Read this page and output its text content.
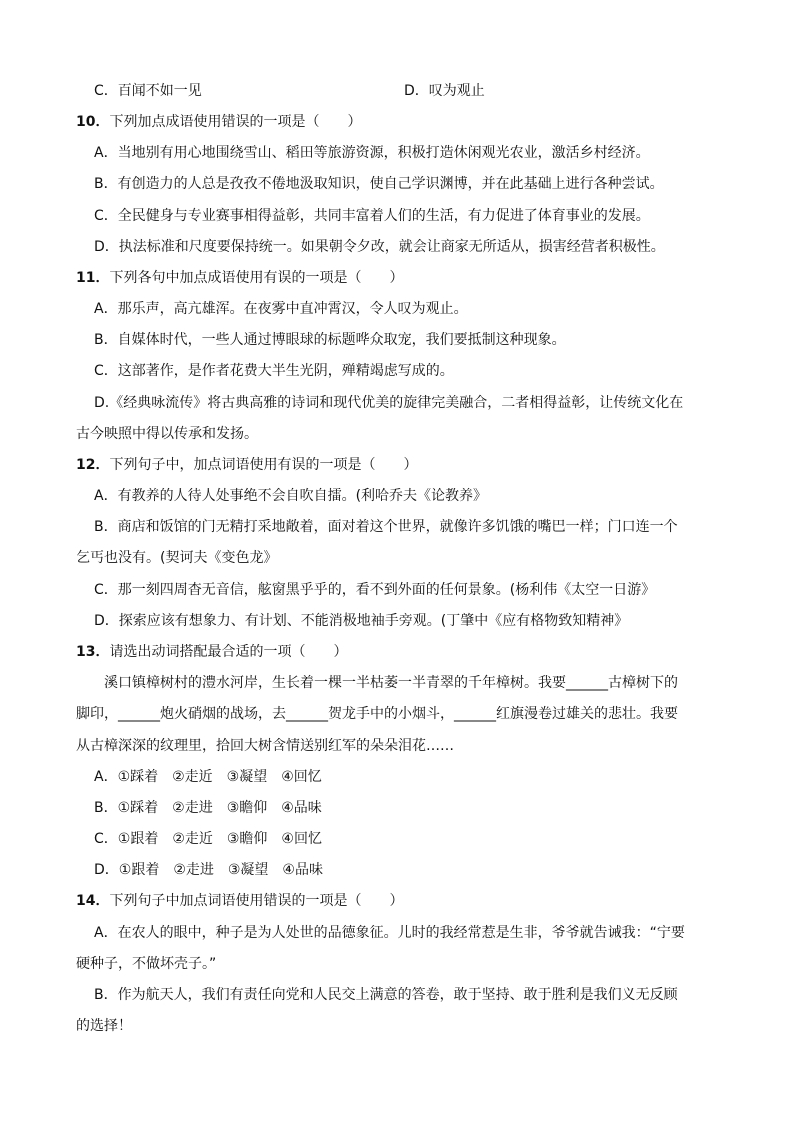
C．百闻不如一见	D．叹为观止
10．下列加点成语使用错误的一项是（　　）
A．当地别有用心地围绕雪山、稻田等旅游资源，积极打造休闲观光农业，激活乡村经济。
B．有创造力的人总是孜孜不倦地汲取知识，使自己学识渊博，并在此基础上进行各种尝试。
C．全民健身与专业赛事相得益彰，共同丰富着人们的生活，有力促进了体育事业的发展。
D．执法标准和尺度要保持统一。如果朝令夕改，就会让商家无所适从，损害经营者积极性。
11．下列各句中加点成语使用有误的一项是（　　）
A．那乐声，高亢雄浑。在夜雾中直冲霄汉，令人叹为观止。
B．自媒体时代，一些人通过博眼球的标题哗众取宠，我们要抵制这种现象。
C．这部著作，是作者花费大半生光阴，殚精竭虑写成的。
D.《经典咏流传》将古典高雅的诗词和现代优美的旋律完美融合，二者相得益彰，让传统文化在
古今映照中得以传承和发扬。
12．下列句子中，加点词语使用有误的一项是（　　）
A．有教养的人待人处事绝不会自吹自擂。(利哈乔夫《论教养》
B．商店和饭馆的门无精打采地敞着，面对着这个世界，就像许多饥饿的嘴巴一样；门口连一个
乞丐也没有。(契诃夫《变色龙》
C．那一刻四周杳无音信，舷窗黑乎乎的，看不到外面的任何景象。(杨利伟《太空一日游》
D．探索应该有想象力、有计划、不能消极地袖手旁观。(丁肇中《应有格物致知精神》
13．请选出动词搭配最合适的一项（　　）
溪口镇樟树村的澧水河岸，生长着一棵一半枯萎一半青翠的千年樟树。我要______古樟树下的
脚印，______炮火硝烟的战场，去______贺龙手中的小烟斗，______红旗漫卷过雄关的悲壮。我要
从古樟深深的纹理里，拾回大树含情送别红军的朵朵泪花……
A．①踩着　②走近　③凝望　④回忆
B．①踩着　②走进　③瞻仰　④品味
C．①跟着　②走近　③瞻仰　④回忆
D．①跟着　②走进　③凝望　④品味
14．下列句子中加点词语使用错误的一项是（　　）
A．在农人的眼中，种子是为人处世的品德象征。儿时的我经常惹是生非，爷爷就告诫我：“宁要
硬种子，不做坏壳子。”
B．作为航天人，我们有责任向党和人民交上满意的答卷，敢于坚持、敢于胜利是我们义无反顾
的选择！
